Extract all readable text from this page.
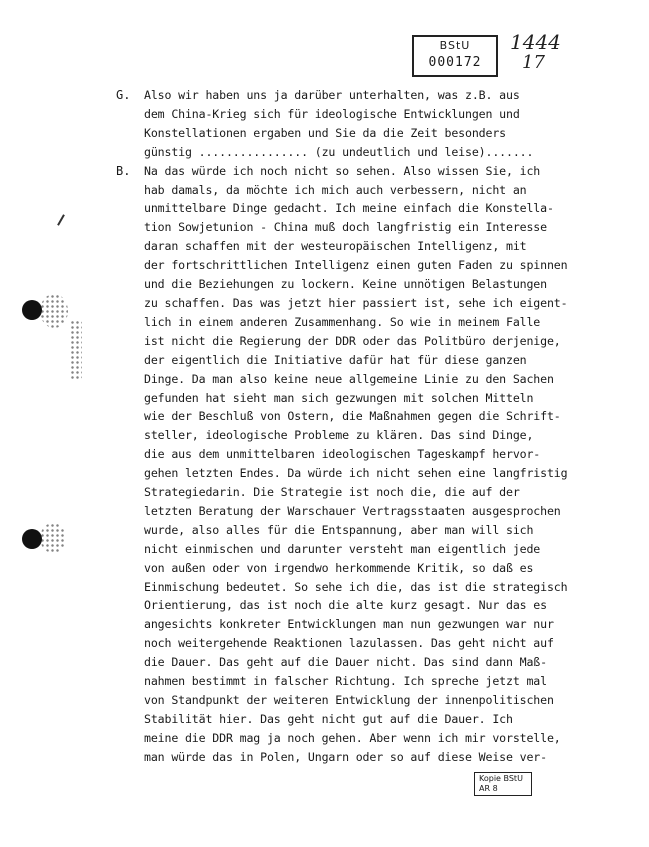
BStU
000172
1444
17
G. Also wir haben uns ja darüber unterhalten, was z.B. aus
dem China-Krieg sich für ideologische Entwicklungen und
Konstellationen ergaben und Sie da die Zeit besonders
günstig ................ (zu undeutlich und leise).......
B. Na das würde ich noch nicht so sehen. Also wissen Sie, ich
hab damals, da möchte ich mich auch verbessern, nicht an
unmittelbare Dinge gedacht. Ich meine einfach die Konstella-
tion Sowjetunion - China muß doch langfristig ein Interesse
daran schaffen mit der westeuropäischen Intelligenz, mit
der fortschrittlichen Intelligenz einen guten Faden zu spinnen
und die Beziehungen zu lockern. Keine unnötigen Belastungen
zu schaffen. Das was jetzt hier passiert ist, sehe ich eigent-
lich in einem anderen Zusammenhang. So wie in meinem Falle
ist nicht die Regierung der DDR oder das Politbüro derjenige,
der eigentlich die Initiative dafür hat für diese ganzen
Dinge. Da man also keine neue allgemeine Linie zu den Sachen
gefunden hat sieht man sich gezwungen mit solchen Mitteln
wie der Beschluß von Ostern, die Maßnahmen gegen die Schrift-
steller, ideologische Probleme zu klären. Das sind Dinge,
die aus dem unmittelbaren ideologischen Tageskampf hervor-
gehen letzten Endes. Da würde ich nicht sehen eine langfristig
Strategiedarin. Die Strategie ist noch die, die auf der
letzten Beratung der Warschauer Vertragsstaaten ausgesprochen
wurde, also alles für die Entspannung, aber man will sich
nicht einmischen und darunter versteht man eigentlich jede
von außen oder von irgendwo herkommende Kritik, so daß es
Einmischung bedeutet. So sehe ich die, das ist die strategisch
Orientierung, das ist noch die alte kurz gesagt. Nur das es
angesichts konkreter Entwicklungen man nun gezwungen war nur
noch weitergehende Reaktionen lazulassen. Das geht nicht auf
die Dauer. Das geht auf die Dauer nicht. Das sind dann Maß-
nahmen bestimmt in falscher Richtung. Ich spreche jetzt mal
von Standpunkt der weiteren Entwicklung der innenpolitischen
Stabilität hier. Das geht nicht gut auf die Dauer. Ich
meine die DDR mag ja noch gehen. Aber wenn ich mir vorstelle,
man würde das in Polen, Ungarn oder so auf diese Weise ver-
Kopie BStU
AR 8
